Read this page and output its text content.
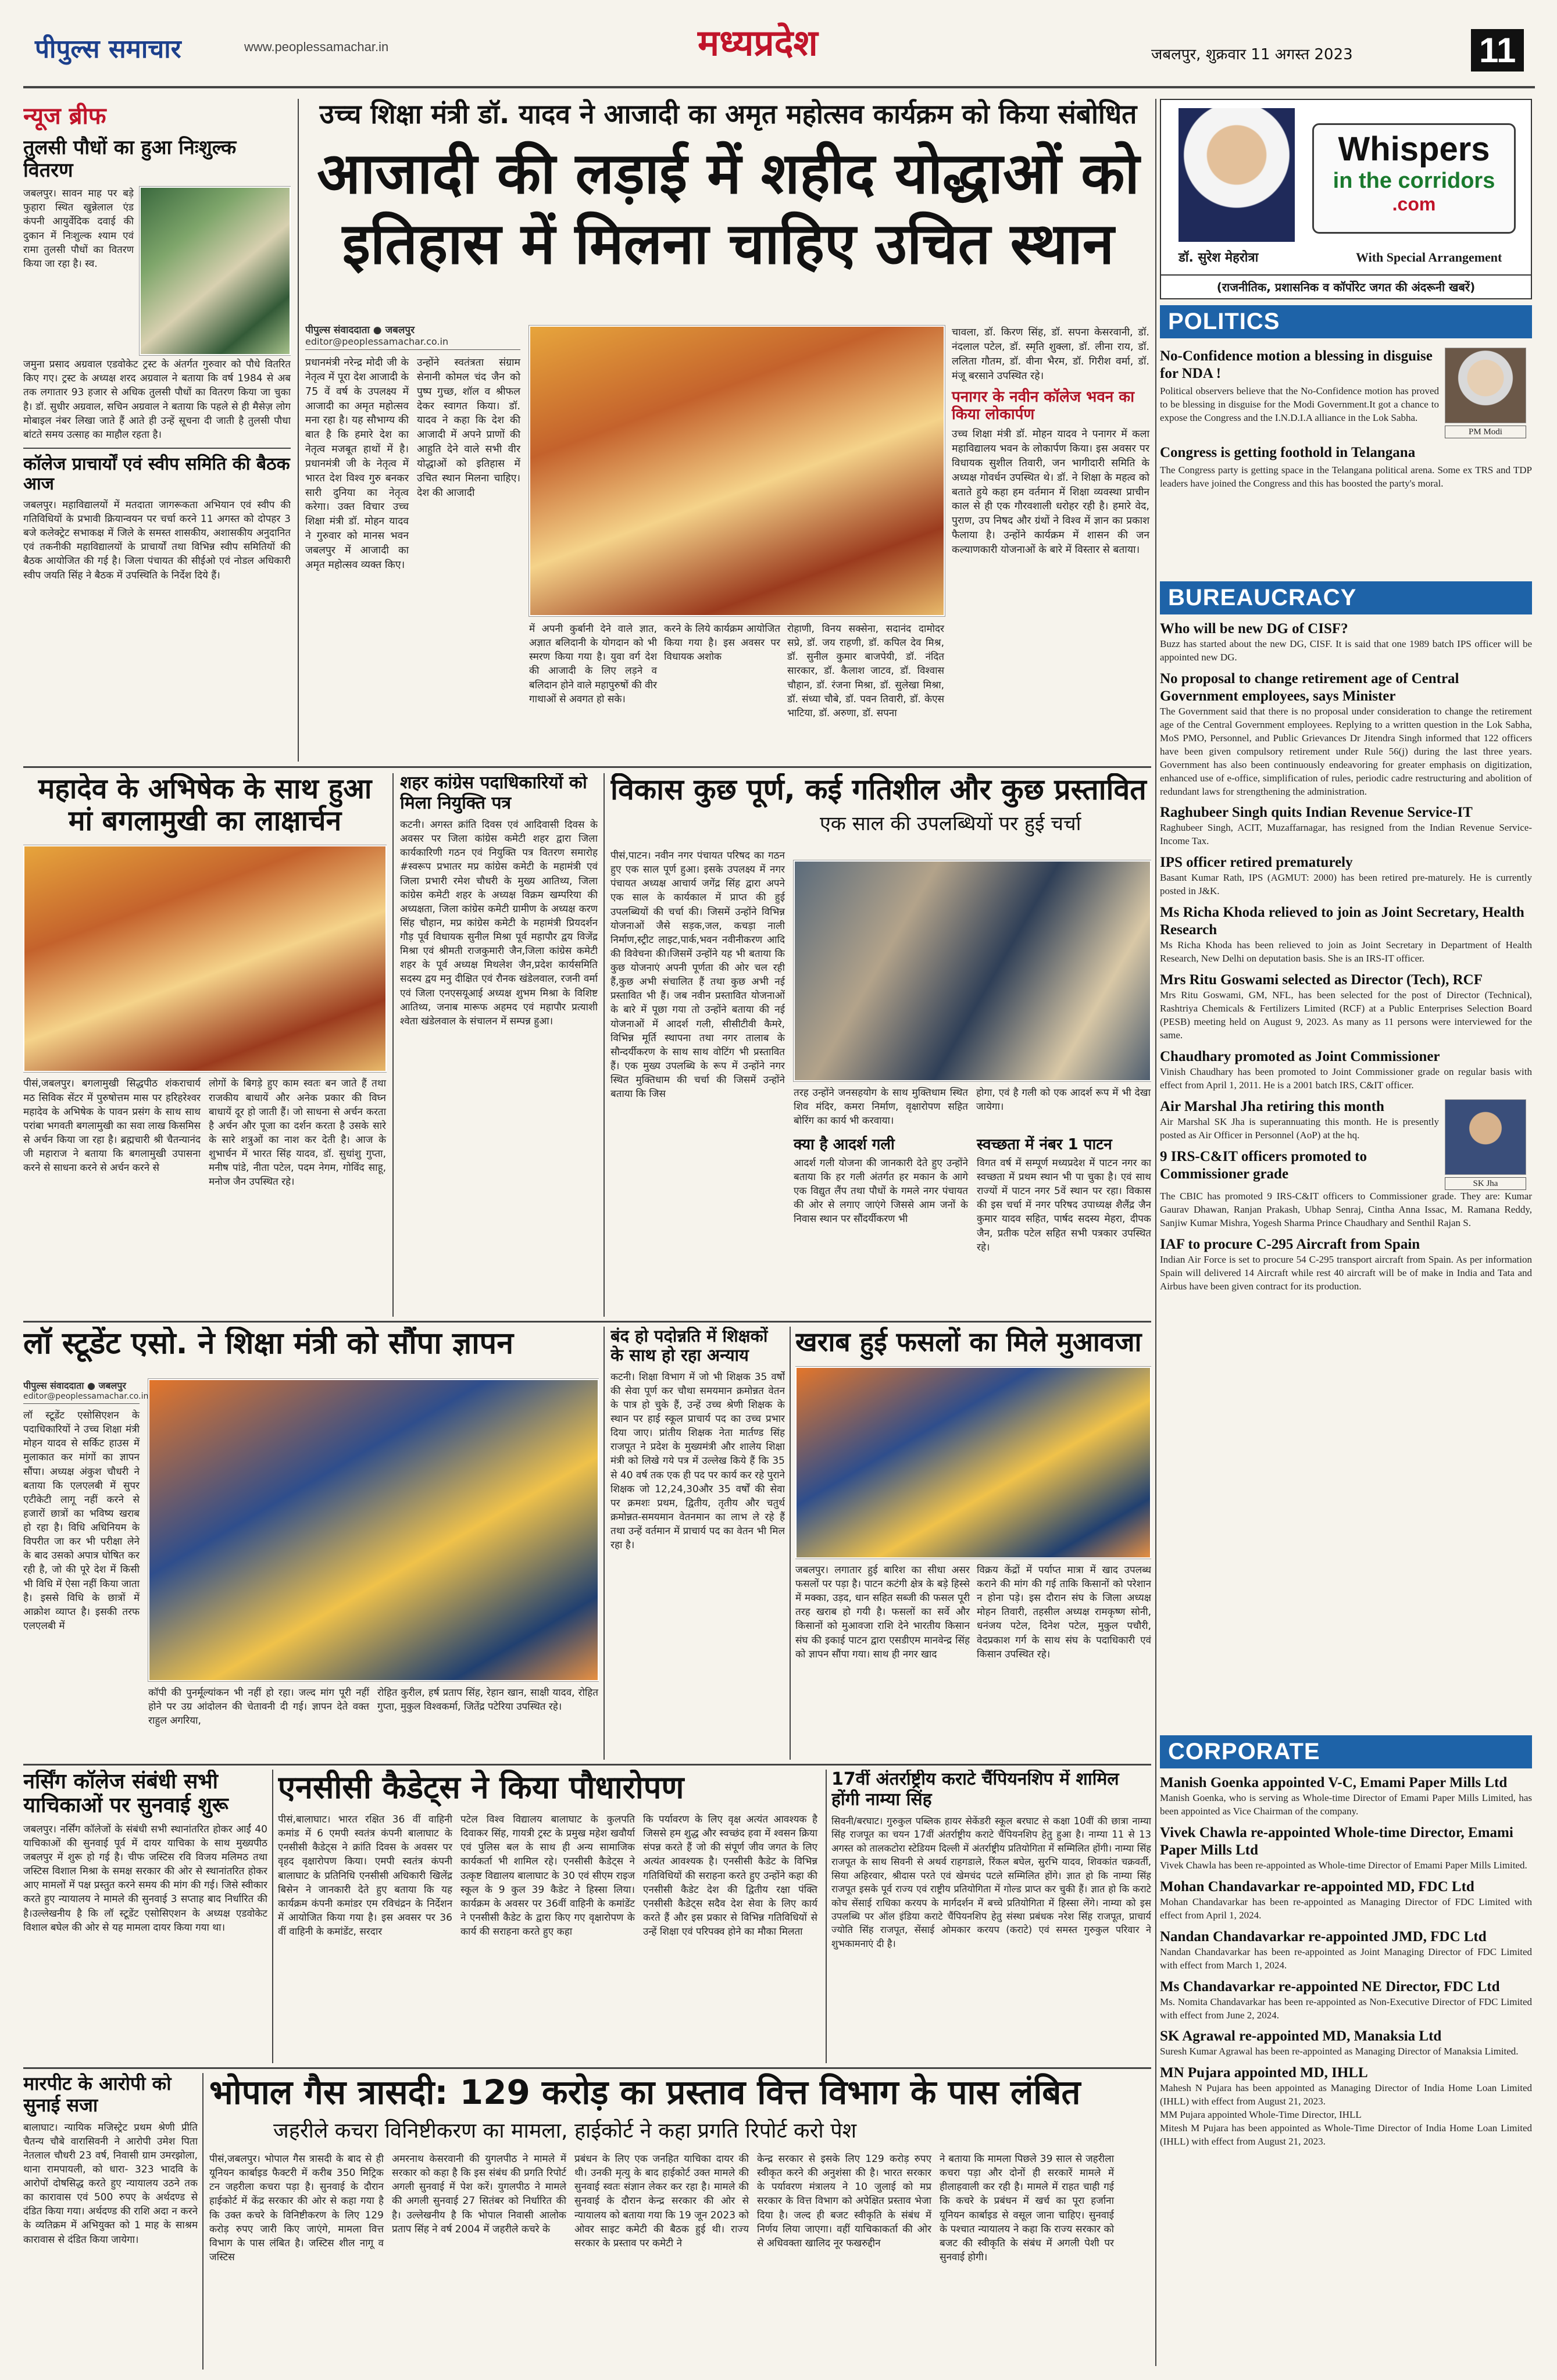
पीपुल्स समाचार	www.peoplessamachar.in	मध्यप्रदेश	जबलपुर, शुक्रवार 11 अगस्त 2023	11
न्यूज ब्रीफ
तुलसी पौधों का हुआ निःशुल्क वितरण
जबलपुर। सावन माह पर बड़े फुहारा स्थित खुन्नेलाल एंड कंपनी आयुर्वेदिक दवाई की दुकान में निःशुल्क श्याम एवं रामा तुलसी पौधों का वितरण किया जा रहा है। स्व.
जमुना प्रसाद अग्रवाल एडवोकेट ट्रस्ट के अंतर्गत गुरुवार को पौधे वितरित किए गए। ट्रस्ट के अध्यक्ष शरद अग्रवाल ने बताया कि वर्ष 1984 से अब तक लगातार 93 हजार से अधिक तुलसी पौधों का वितरण किया जा चुका है। डॉ. सुधीर अग्रवाल, सचिन अग्रवाल ने बताया कि पहले से ही मैसेज़ लोग मोबाइल नंबर लिखा जाते हैं आते ही उन्हें सूचना दी जाती है तुलसी पौधा बांटते समय उत्साह का माहौल रहता है।
कॉलेज प्राचार्यों एवं स्वीप समिति की बैठक आज
जबलपुर। महाविद्यालयों में मतदाता जागरूकता अभियान एवं स्वीप की गतिविधियों के प्रभावी क्रियान्वयन पर चर्चा करने 11 अगस्त को दोपहर 3 बजे कलेक्ट्रेट सभाकक्ष में जिले के समस्त शासकीय, अशासकीय अनुदानित एवं तकनीकी महाविद्यालयों के प्राचार्यों तथा विभिन्न स्वीप समितियों की बैठक आयोजित की गई है। जिला पंचायत की सीईओ एवं नोडल अधिकारी स्वीप जयति सिंह ने बैठक में उपस्थिति के निर्देश दिये हैं।
उच्च शिक्षा मंत्री डॉ. यादव ने आजादी का अमृत महोत्सव कार्यक्रम को किया संबोधित
आजादी की लड़ाई में शहीद योद्धाओं को
इतिहास में मिलना चाहिए उचित स्थान
पीपुल्स संवाददाता ● जबलपुर
editor@peoplessamachar.co.in
प्रधानमंत्री नरेन्द्र मोदी जी के नेतृत्व में पूरा देश आजादी के 75 वें वर्ष के उपलक्ष्य में आजादी का अमृत महोत्सव मना रहा है। यह सौभाग्य की बात है कि हमारे देश का नेतृत्व मजबूत हाथों में है। प्रधानमंत्री जी के नेतृत्व में भारत देश विश्व गुरु बनकर सारी दुनिया का नेतृत्व करेगा। उक्त विचार उच्च शिक्षा मंत्री डॉ. मोहन यादव ने गुरुवार को मानस भवन जबलपुर में आजादी का अमृत महोत्सव व्यक्त किए।
उन्होंने स्वतंत्रता संग्राम सेनानी कोमल चंद जैन को पुष्प गुच्छ, शॉल व श्रीफल देकर स्वागत किया। डॉ. यादव ने कहा कि देश की आजादी में अपने प्राणों की आहुति देने वाले सभी वीर योद्धाओं को इतिहास में उचित स्थान मिलना चाहिए। देश की आजादी
में अपनी कुर्बानी देने वाले ज्ञात, अज्ञात बलिदानी के योगदान को भी स्मरण किया गया है। युवा वर्ग देश की आजादी के लिए लड़ने व बलिदान होने वाले महापुरुषों की वीर गाथाओं से अवगत हो सके।
करने के लिये कार्यक्रम आयोजित किया गया है। इस अवसर पर विधायक अशोक
रोहाणी, विनय सक्सेना, सदानंद दामोदर सप्रे, डॉ. जय राहणी, डॉ. कपिल देव मिश्र, डॉ. सुनील कुमार बाजपेयी, डॉ. नंदित सारकार, डॉ. कैलाश जाटव, डॉ. विश्वास चौहान, डॉ. रंजना मिश्रा, डॉ. सुलेखा मिश्रा, डॉ. संध्या चौबे, डॉ. पवन तिवारी, डॉ. केएस भाटिया, डॉ. अरुणा, डॉ. सपना
चावला, डॉ. किरण सिंह, डॉ. सपना केसरवानी, डॉ. नंदलाल पटेल, डॉ. स्मृति शुक्ला, डॉ. लीना राय, डॉ. ललिता गौतम, डॉ. वीना भैरम, डॉ. गिरीश वर्मा, डॉ. मंजू बरसाने उपस्थित रहे।
पनागर के नवीन कॉलेज भवन का किया लोकार्पण
उच्च शिक्षा मंत्री डॉ. मोहन यादव ने पनागर में कला महाविद्यालय भवन के लोकार्पण किया। इस अवसर पर विधायक सुशील तिवारी, जन भागीदारी समिति के अध्यक्ष गोवर्धन उपस्थित थे। डॉ. ने शिक्षा के महत्व को बताते हुये कहा हम वर्तमान में शिक्षा व्यवस्था प्राचीन काल से ही एक गौरवशाली धरोहर रही है। हमारे वेद, पुराण, उप निषद और ग्रंथों ने विश्व में ज्ञान का प्रकाश फैलाया है। उन्होंने कार्यक्रम में शासन की जन कल्याणकारी योजनाओं के बारे में विस्तार से बताया।
Whispers
in the corridors
.com
डॉ. सुरेश मेहरोत्रा	With Special Arrangement
(राजनीतिक, प्रशासनिक व कॉर्पोरेट जगत की अंदरूनी खबरें)
POLITICS
No-Confidence motion a blessing in disguise for NDA !
Political observers believe that the No-Confidence motion has proved to be blessing in disguise for the Modi Government.It got a chance to expose the Congress and the I.N.D.I.A alliance in the Lok Sabha.
PM Modi
Congress is getting foothold in Telangana
The Congress party is getting space in the Telangana political arena. Some ex TRS and TDP leaders have joined the Congress and this has boosted the party's moral.
BUREAUCRACY
Who will be new DG of CISF?
Buzz has started about the new DG, CISF. It is said that one 1989 batch IPS officer will be appointed new DG.
No proposal to change retirement age of Central Government employees, says Minister
The Government said that there is no proposal under consideration to change the retirement age of the Central Government employees. Replying to a written question in the Lok Sabha, MoS PMO, Personnel, and Public Grievances Dr Jitendra Singh informed that 122 officers have been given compulsory retirement under Rule 56(j) during the last three years. Government has also been continuously endeavoring for greater emphasis on digitization, enhanced use of e-office, simplification of rules, periodic cadre restructuring and abolition of redundant laws for strengthening the administration.
Raghubeer Singh quits Indian Revenue Service-IT
Raghubeer Singh, ACIT, Muzaffarnagar, has resigned from the Indian Revenue Service-Income Tax.
IPS officer retired prematurely
Basant Kumar Rath, IPS (AGMUT: 2000) has been retired pre-maturely. He is currently posted in J&K.
Ms Richa Khoda relieved to join as Joint Secretary, Health Research
Ms Richa Khoda has been relieved to join as Joint Secretary in Department of Health Research, New Delhi on deputation basis. She is an IRS-IT officer.
Mrs Ritu Goswami selected as Director (Tech), RCF
Mrs Ritu Goswami, GM, NFL, has been selected for the post of Director (Technical), Rashtriya Chemicals & Fertilizers Limited (RCF) at a Public Enterprises Selection Board (PESB) meeting held on August 9, 2023. As many as 11 persons were interviewed for the same.
Chaudhary promoted as Joint Commissioner
Vinish Chaudhary has been promoted to Joint Commissioner grade on regular basis with effect from April 1, 2011. He is a 2001 batch IRS, C&IT officer.
Air Marshal Jha retiring this month
Air Marshal SK Jha is superannuating this month. He is presently posted as Air Officer in Personnel (AoP) at the hq.
9 IRS-C&IT officers promoted to Commissioner grade
SK Jha
The CBIC has promoted 9 IRS-C&IT officers to Commissioner grade. They are: Kumar Gaurav Dhawan, Ranjan Prakash, Ubhap Senraj, Cintha Anna Issac, M. Ramana Reddy, Sanjiw Kumar Mishra, Yogesh Sharma Prince Chaudhary and Senthil Rajan S.
IAF to procure C-295 Aircraft from Spain
Indian Air Force is set to procure 54 C-295 transport aircraft from Spain. As per information Spain will delivered 14 Aircraft while rest 40 aircraft will be of make in India and Tata and Airbus have been given contract for its production.
CORPORATE
Manish Goenka appointed V-C, Emami Paper Mills Ltd
Manish Goenka, who is serving as Whole-time Director of Emami Paper Mills Limited, has been appointed as Vice Chairman of the company.
Vivek Chawla re-appointed Whole-time Director, Emami Paper Mills Ltd
Vivek Chawla has been re-appointed as Whole-time Director of Emami Paper Mills Limited.
Mohan Chandavarkar re-appointed MD, FDC Ltd
Mohan Chandavarkar has been re-appointed as Managing Director of FDC Limited with effect from April 1, 2024.
Nandan Chandavarkar re-appointed JMD, FDC Ltd
Nandan Chandavarkar has been re-appointed as Joint Managing Director of FDC Limited with effect from March 1, 2024.
Ms Chandavarkar re-appointed NE Director, FDC Ltd
Ms. Nomita Chandavarkar has been re-appointed as Non-Executive Director of FDC Limited with effect from June 2, 2024.
SK Agrawal re-appointed MD, Manaksia Ltd
Suresh Kumar Agrawal has been re-appointed as Managing Director of Manaksia Limited.
MN Pujara appointed MD, IHLL
Mahesh N Pujara has been appointed as Managing Director of India Home Loan Limited (IHLL) with effect from August 21, 2023.
MM Pujara appointed Whole-Time Director, IHLL
Mitesh M Pujara has been appointed as Whole-Time Director of India Home Loan Limited (IHLL) with effect from August 21, 2023.
महादेव के अभिषेक के साथ हुआ मां बगलामुखी का लाक्षार्चन
पीसं,जबलपुर। बगलामुखी सिद्धपीठ शंकराचार्य मठ सिविक सेंटर में पुरुषोत्तम मास पर हरिहरेश्वर महादेव के अभिषेक के पावन प्रसंग के साथ साथ परांबा भगवती बगलामुखी का सवा लाख किसमिस से अर्चन किया जा रहा है। ब्रह्मचारी श्री चैतन्यानंद जी महाराज ने बताया कि बगलामुखी उपासना करने से साधना करने से अर्चन करने से
लोगों के बिगड़े हुए काम स्वतः बन जाते हैं तथा राजकीय बाधायें और अनेक प्रकार की विघ्न बाधायें दूर हो जाती हैं। जो साधना से अर्चन करता है अर्चन और पूजा का दर्शन करता है उसके सारे के सारे शत्रुओं का नाश कर देती है। आज के शुभार्चन में भारत सिंह यादव, डॉ. सुधांशु गुप्ता, मनीष पांडे, नीता पटेल, पदम नेगम, गोविंद साहू, मनोज जैन उपस्थित रहे।
शहर कांग्रेस पदाधिकारियों को मिला नियुक्ति पत्र
कटनी। अगस्त क्रांति दिवस एवं आदिवासी दिवस के अवसर पर जिला कांग्रेस कमेटी शहर द्वारा जिला कार्यकारिणी गठन एवं नियुक्ति पत्र वितरण समारोह #स्वरूप प्रभातर मप्र कांग्रेस कमेटी के महामंत्री एवं जिला प्रभारी रमेश चौधरी के मुख्य आतिथ्य, जिला कांग्रेस कमेटी शहर के अध्यक्ष विक्रम खम्परिया की अध्यक्षता, जिला कांग्रेस कमेटी ग्रामीण के अध्यक्ष करण सिंह चौहान, मप्र कांग्रेस कमेटी के महामंत्री प्रियदर्शन गौड़ पूर्व विधायक सुनील मिश्रा पूर्व महापौर द्वय विजेंद्र मिश्रा एवं श्रीमती राजकुमारी जैन,जिला कांग्रेस कमेटी शहर के पूर्व अध्यक्ष मिथलेश जैन,प्रदेश कार्यसमिति सदस्य द्वय मनु दीक्षित एवं रौनक खंडेलवाल, रजनी वर्मा एवं जिला एनएसयूआई अध्यक्ष शुभम मिश्रा के विशिष्ट आतिथ्य, जनाब मारूफ अहमद एवं महापौर प्रत्याशी श्वेता खंडेलवाल के संचालन में सम्पन्न हुआ।
विकास कुछ पूर्ण, कई गतिशील और कुछ प्रस्तावित
एक साल की उपलब्धियों पर हुई चर्चा
पीसं,पाटन। नवीन नगर पंचायत परिषद का गठन हुए एक साल पूर्ण हुआ। इसके उपलक्ष्य में नगर पंचायत अध्यक्ष आचार्य जगेंद्र सिंह द्वारा अपने एक साल के कार्यकाल में प्राप्त की हुई उपलब्धियों की चर्चा की। जिसमें उन्होंने विभिन्न योजनाओं जैसे सड़क,जल, कचड़ा नाली निर्माण,स्ट्रीट लाइट,पार्क,भवन नवीनीकरण आदि की विवेचना की।जिसमें उन्होंने यह भी बताया कि कुछ योजनाएं अपनी पूर्णता की ओर चल रही हैं,कुछ अभी संचालित हैं तथा कुछ अभी नई प्रस्तावित भी हैं। जब नवीन प्रस्तावित योजनाओं के बारे में पूछा गया तो उन्होंने बताया की नई योजनाओं में आदर्श गली, सीसीटीवी कैमरे, विभिन्न मूर्ति स्थापना तथा नगर तालाब के सौन्दर्यीकरण के साथ साथ वोटिंग भी प्रस्तावित हैं। एक मुख्य उपलब्धि के रूप में उन्होंने नगर स्थित मुक्तिधाम की चर्चा की जिसमें उन्होंने बताया कि जिस	तरह उन्होंने जनसहयोग के साथ मुक्तिधाम स्थित शिव मंदिर, कमरा निर्माण, वृक्षारोपण सहित बोरिंग का कार्य भी करवाया।
होगा, एवं है गली को एक आदर्श रूप में भी देखा जायेगा।
क्या है आदर्श गली
आदर्श गली योजना की जानकारी देते हुए उन्होंने बताया कि हर गली अंतर्गत हर मकान के आगे एक विद्युत लैंप तथा पौधों के गमले नगर पंचायत की ओर से लगाए जाएंगे जिससे आम जनों के निवास स्थान पर सौंदर्यीकरण भी
स्वच्छता में नंबर 1 पाटन
विगत वर्ष में सम्पूर्ण मध्यप्रदेश में पाटन नगर का स्वच्छता में प्रथम स्थान भी पा चुका है। एवं साथ राज्यों में पाटन नगर 5वें स्थान पर रहा। विकास की इस चर्चा में नगर परिषद उपाध्यक्ष शैलैंद्र जैन कुमार यादव सहित, पार्षद सदस्य मेहरा, दीपक जैन, प्रतीक पटेल सहित सभी पत्रकार उपस्थित रहे।
लॉ स्टूडेंट एसो. ने शिक्षा मंत्री को सौंपा ज्ञापन
पीपुल्स संवाददाता ● जबलपुर
editor@peoplessamachar.co.in
लॉ स्टूडेंट एसोसिएशन के पदाधिकारियों ने उच्च शिक्षा मंत्री मोहन यादव से सर्किट हाउस में मुलाकात कर मांगों का ज्ञापन सौंपा। अध्यक्ष अंकुश चौधरी ने बताया कि एलएलबी में सुपर एटीकेटी लागू नहीं करने से हजारों छात्रों का भविष्य खराब हो रहा है। विधि अधिनियम के विपरीत जा कर भी परीक्षा लेने के बाद उसको अपात्र घोषित कर रही है, जो की पूरे देश में किसी भी विधि में ऐसा नहीं किया जाता है। इससे विधि के छात्रों में आक्रोश व्याप्त है। इसकी तरफ एलएलबी में
कॉपी की पुनर्मूल्यांकन भी नहीं हो रहा। जल्द मांग पूरी नहीं होने पर उग्र आंदोलन की चेतावनी दी गई। ज्ञापन देते वक्त राहुल अगरिया,
रोहित कुरील, हर्ष प्रताप सिंह, रेहान खान, साक्षी यादव, रोहित गुप्ता, मुकुल विश्वकर्मा, जितेंद्र पटेरिया उपस्थित रहे।
बंद हो पदोन्नति में शिक्षकों के साथ हो रहा अन्याय
कटनी। शिक्षा विभाग में जो भी शिक्षक 35 वर्षों की सेवा पूर्ण कर चौथा समयमान क्रमोन्नत वेतन के पात्र हो चुके हैं, उन्हें उच्च श्रेणी शिक्षक के स्थान पर हाई स्कूल प्राचार्य पद का उच्च प्रभार दिया जाए। प्रांतीय शिक्षक नेता मार्तण्ड सिंह राजपूत ने प्रदेश के मुख्यमंत्री और शालेय शिक्षा मंत्री को लिखे गये पत्र में उल्लेख किये हैं कि 35 से 40 वर्ष तक एक ही पद पर कार्य कर रहे पुराने शिक्षक जो 12,24,30और 35 वर्षों की सेवा पर क्रमशः प्रथम, द्वितीय, तृतीय और चतुर्थ क्रमोन्नत-समयमान वेतनमान का लाभ ले रहे हैं तथा उन्हें वर्तमान में प्राचार्य पद का वेतन भी मिल रहा है।
खराब हुई फसलों का मिले मुआवजा
जबलपुर। लगातार हुई बारिश का सीधा असर फसलों पर पड़ा है। पाटन कटंगी क्षेत्र के बड़े हिस्से में मक्का, उड़द, धान सहित सब्जी की फसल पूरी तरह खराब हो गयी है। फसलों का सर्वे और किसानों को मुआवजा राशि देने भारतीय किसान संघ की इकाई पाटन द्वारा एसडीएम मानवेन्द्र सिंह को ज्ञापन सौंपा गया। साथ ही नगर खाद
विक्रय केंद्रों में पर्याप्त मात्रा में खाद उपलब्ध कराने की मांग की गई ताकि किसानों को परेशान न होना पड़े। इस दौरान संघ के जिला अध्यक्ष मोहन तिवारी, तहसील अध्यक्ष रामकृष्ण सोनी, धनंजय पटेल, दिनेश पटेल, मुकुल पचौरी, वेदप्रकाश गर्ग के साथ संघ के पदाधिकारी एवं किसान उपस्थित रहे।
नर्सिंग कॉलेज संबंधी सभी याचिकाओं पर सुनवाई शुरू
जबलपुर। नर्सिंग कॉलेजों के संबंधी सभी स्थानांतरित होकर आईं 40 याचिकाओं की सुनवाई पूर्व में दायर याचिका के साथ मुख्यपीठ जबलपुर में शुरू हो गई है। चीफ जस्टिस रवि विजय मलिमठ तथा जस्टिस विशाल मिश्रा के समक्ष सरकार की ओर से स्थानांतरित होकर आए मामलों में पक्ष प्रस्तुत करने समय की मांग की गई। जिसे स्वीकार करते हुए न्यायालय ने मामले की सुनवाई 3 सप्ताह बाद निर्धारित की है।उल्लेखनीय है कि लॉ स्टूडेंट एसोसिएशन के अध्यक्ष एडवोकेट विशाल बघेल की ओर से यह मामला दायर किया गया था।
एनसीसी कैडेट्स ने किया पौधारोपण
पीसं,बालाघाट। भारत रक्षित 36 वीं वाहिनी कमांड में 6 एमपी स्वतंत्र कंपनी बालाघाट के एनसीसी कैडेट्स ने क्रांति दिवस के अवसर पर वृहद वृक्षारोपण किया। एमपी स्वतंत्र कंपनी बालाघाट के प्रतिनिधि एनसीसी अधिकारी खिलेंद्र बिसेन ने जानकारी देते हुए बताया कि यह कार्यक्रम कंपनी कमांडर एम रविचंद्रन के निर्देशन में आयोजित किया गया है। इस अवसर पर 36 वीं वाहिनी के कमांडेंट, सरदार
पटेल विश्व विद्यालय बालाघाट के कुलपति दिवाकर सिंह, गायत्री ट्रस्ट के प्रमुख महेश खवौर्या एवं पुलिस बल के साथ ही अन्य सामाजिक कार्यकर्ता भी शामिल रहे। एनसीसी कैडेट्स ने उत्कृष्ट विद्यालय बालाघाट के 30 एवं सीएम राइज स्कूल के 9 कुल 39 कैडेट ने हिस्सा लिया। कार्यक्रम के अवसर पर 36वीं वाहिनी के कमांडेंट ने एनसीसी कैडेट के द्वारा किए गए वृक्षारोपण के कार्य की सराहना करते हुए कहा
कि पर्यावरण के लिए वृक्ष अत्यंत आवश्यक है जिससे हम शुद्ध और स्वच्छंद हवा में श्वसन क्रिया संपन्न करते हैं जो की संपूर्ण जीव जगत के लिए अत्यंत आवश्यक है। एनसीसी कैडेट के विभिन्न गतिविधियों की सराहना करते हुए उन्होंने कहा की एनसीसी कैडेट देश की द्वितीय रक्षा पंक्ति एनसीसी कैडेट्स सदैव देश सेवा के लिए कार्य करते हैं और इस प्रकार से विभिन्न गतिविधियों से उन्हें शिक्षा एवं परिपक्व होने का मौका मिलता
17वीं अंतर्राष्ट्रीय कराटे चैंपियनशिप में शामिल होंगी नाम्या सिंह
सिवनी/बरघाट। गुरुकुल पब्लिक हायर सेकेंडरी स्कूल बरघाट से कक्षा 10वीं की छात्रा नाम्या सिंह राजपूत का चयन 17वीं अंतर्राष्ट्रीय कराटे चैंपियनशिप हेतु हुआ है। नाम्या 11 से 13 अगस्त को तालकटोरा स्टेडियम दिल्ली में अंतर्राष्ट्रीय प्रतियोगिता में सम्मिलित होंगी। नाम्या सिंह राजपूत के साथ सिवनी से अथर्व राहगडाले, रिंकल बघेल, सुरभि यादव, शिवकांत चक्रवर्ती, सिया अहिरवार, श्रीदास परते एवं खेमचंद पटले सम्मिलित होंगे। ज्ञात हो कि नाम्या सिंह राजपूत इसके पूर्व राज्य एवं राष्ट्रीय प्रतियोगिता में गोल्ड प्राप्त कर चुकी हैं। ज्ञात हो कि कराटे कोच सेंसाई राधिका करयप के मार्गदर्शन में बच्चे प्रतियोगिता में हिस्सा लेंगे। नाम्या को इस उपलब्धि पर ऑल इंडिया कराटे चैंपियनशिप हेतु संस्था प्रबंधक नरेश सिंह राजपूत, प्राचार्य ज्योति सिंह राजपूत, सेंसाई ओमकार करयप (कराटे) एवं समस्त गुरुकुल परिवार ने शुभकामनाएं दी है।
मारपीट के आरोपी को सुनाई सजा
बालाघाट। न्यायिक मजिस्ट्रेट प्रथम श्रेणी प्रीति चैतन्य चौबे वारासिवनी ने आरोपी उमेश पिता नेतलाल चौधरी 23 वर्ष, निवासी ग्राम उमरझोला, थाना रामपायली, को धारा- 323 भादवि के आरोपों दोषसिद्ध करते हुए न्यायालय उठने तक का कारावास एवं 500 रुपए के अर्थदण्ड से दंडित किया गया। अर्थदण्ड की राशि अदा न करने के व्यतिक्रम में अभियुक्त को 1 माह के साश्रम कारावास से दंडित किया जायेगा।
भोपाल गैस त्रासदी: 129 करोड़ का प्रस्ताव वित्त विभाग के पास लंबित
जहरीले कचरा विनिष्टीकरण का मामला, हाईकोर्ट ने कहा प्रगति रिपोर्ट करो पेश
पीसं,जबलपुर। भोपाल गैस त्रासदी के बाद से ही यूनियन कार्बाइड फैक्टरी में करीब 350 मिट्रिक टन जहरीला कचरा पड़ा है। सुनवाई के दौरान हाईकोर्ट में केंद्र सरकार की ओर से कहा गया है कि उक्त कचरे के विनिष्टीकरण के लिए 129 करोड़ रुपए जारी किए जाएंगे, मामला वित्त विभाग के पास लंबित है। जस्टिस शील नागू व जस्टिस
अमरनाथ केसरवानी की युगलपीठ ने मामले में सरकार को कहा है कि इस संबंध की प्रगति रिपोर्ट अगली सुनवाई में पेश करें। युगलपीठ ने मामले की अगली सुनवाई 27 सितंबर को निर्धारित की है। उल्लेखनीय है कि भोपाल निवासी आलोक प्रताप सिंह ने वर्ष 2004 में जहरीले कचरे के
प्रबंधन के लिए एक जनहित याचिका दायर की थी। उनकी मृत्यु के बाद हाईकोर्ट उक्त मामले की सुनवाई स्वतः संज्ञान लेकर कर रहा है। मामले की सुनवाई के दौरान केन्द्र सरकार की ओर से न्यायालय को बताया गया कि 19 जून 2023 को ओवर साइट कमेटी की बैठक हुई थी। राज्य सरकार के प्रस्ताव पर कमेटी ने
केन्द्र सरकार से इसके लिए 129 करोड़ रुपए स्वीकृत करने की अनुशंसा की है। भारत सरकार के पर्यावरण मंत्रालय ने 10 जुलाई को मप्र सरकार के वित्त विभाग को अपेक्षित प्रस्ताव भेजा दिया है। जल्द ही बजट स्वीकृति के संबंध में निर्णय लिया जाएगा। वहीं याचिकाकर्ता की ओर से अधिवक्ता खालिद नूर फखरुद्दीन
ने बताया कि मामला पिछले 39 साल से जहरीला कचरा पड़ा और दोनों ही सरकारें मामले में हीलाहवाली कर रही है। मामले में राहत चाही गई कि कचरे के प्रबंधन में खर्च का पूरा हर्जाना यूनियन कार्बाइड से वसूल जाना चाहिए। सुनवाई के पश्चात न्यायालय ने कहा कि राज्य सरकार को बजट की स्वीकृति के संबंध में अगली पेशी पर सुनवाई होगी।
